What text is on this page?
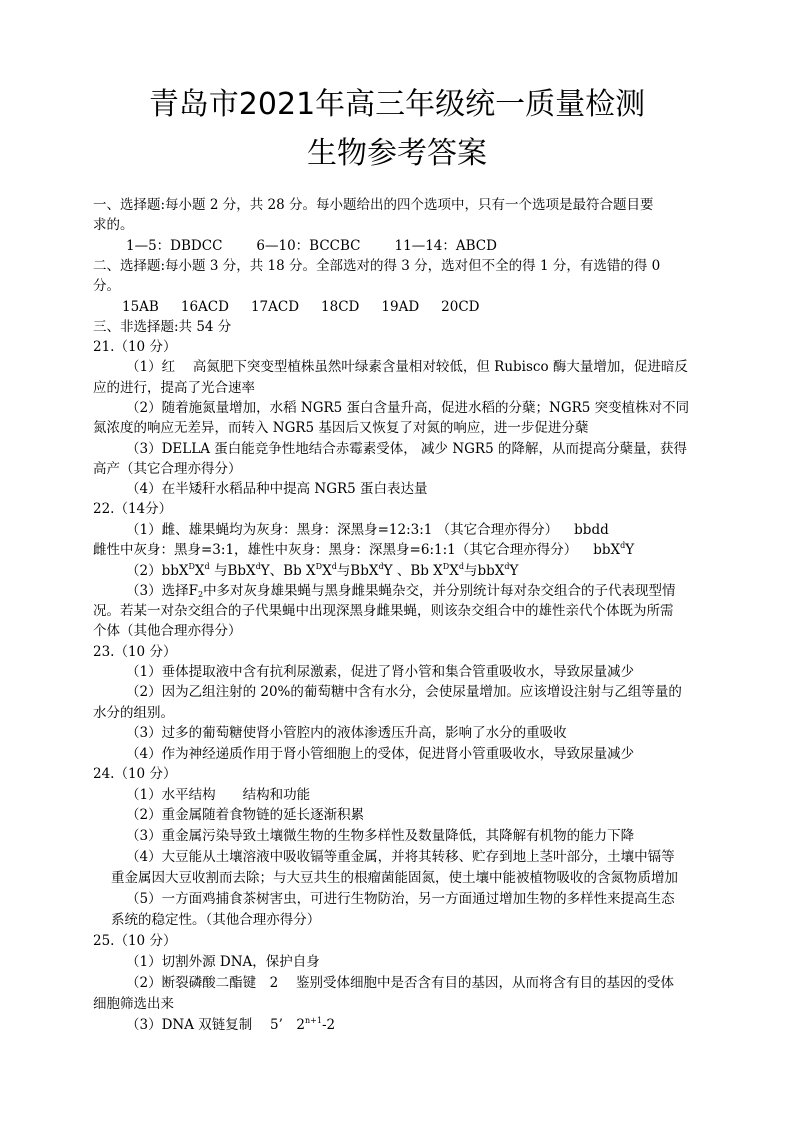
青岛市2021年高三年级统一质量检测
生物参考答案
一、选择题:每小题 2 分，共 28 分。每小题给出的四个选项中，只有一个选项是最符合题目要
求的。
1—5：DBDCC	6—10：BCCBC	11—14：ABCD
二、选择题:每小题 3 分，共 18 分。全部选对的得 3 分，选对但不全的得 1 分，有选错的得 0
分。
15AB 16ACD 17ACD 18CD 19AD 20CD
三、非选择题:共 54 分
21.（10 分）
（1）红　 高氮肥下突变型植株虽然叶绿素含量相对较低，但 Rubisco 酶大量增加，促进暗反
应的进行，提高了光合速率
（2）随着施氮量增加，水稻 NGR5 蛋白含量升高，促进水稻的分蘖；NGR5 突变植株对不同
氮浓度的响应无差异，而转入 NGR5 基因后又恢复了对氮的响应，进一步促进分蘖
（3）DELLA 蛋白能竞争性地结合赤霉素受体， 减少 NGR5 的降解，从而提高分蘖量，获得
高产（其它合理亦得分）
（4）在半矮秆水稻品种中提高 NGR5 蛋白表达量
22.（14分）
（1）雌、雄果蝇均为灰身：黑身：深黑身=12:3:1 （其它合理亦得分） bbdd
雌性中灰身：黑身=3:1，雄性中灰身：黑身：深黑身=6:1:1（其它合理亦得分） bbX$^d$Y
$(2)bbX^DX^d$ 与BbX$^d$Y、Bb $X^DX^d$与BbX$^d$Y 、Bb $X^DX^d$与bbX$^d$Y
（3）选择$F_2$中多对灰身雄果蝇与黑身雌果蝇杂交，并分别统计每对杂交组合的子代表现型情
况。若某一对杂交组合的子代果蝇中出现深黑身雌果蝇，则该杂交组合中的雄性亲代个体既为所需
个体（其他合理亦得分）
23.（10 分）
（1）垂体提取液中含有抗利尿激素，促进了肾小管和集合管重吸收水，导致尿量减少
（2）因为乙组注射的 20%的葡萄糖中含有水分，会使尿量增加。应该增设注射与乙组等量的
水分的组别。
（3）过多的葡萄糖使肾小管腔内的液体渗透压升高，影响了水分的重吸收
（4）作为神经递质作用于肾小管细胞上的受体，促进肾小管重吸收水，导致尿量减少
24.（10 分）
（1）水平结构　　结构和功能
（2）重金属随着食物链的延长逐渐积累
（3）重金属污染导致土壤微生物的生物多样性及数量降低，其降解有机物的能力下降
（4）大豆能从土壤溶液中吸收镉等重金属，并将其转移、贮存到地上茎叶部分，土壤中镉等
重金属因大豆收割而去除；与大豆共生的根瘤菌能固氮，使土壤中能被植物吸收的含氮物质增加
（5）一方面鸡捕食茶树害虫，可进行生物防治，另一方面通过增加生物的多样性来提高生态
系统的稳定性。（其他合理亦得分）
25.（10 分）
（1）切割外源 DNA，保护自身
（2）断裂磷酸二酯键　2　 鉴别受体细胞中是否含有目的基因，从而将含有目的基因的受体
细胞筛选出来
（3）DNA 双链复制　 5’　$2^{n+1}-2$
